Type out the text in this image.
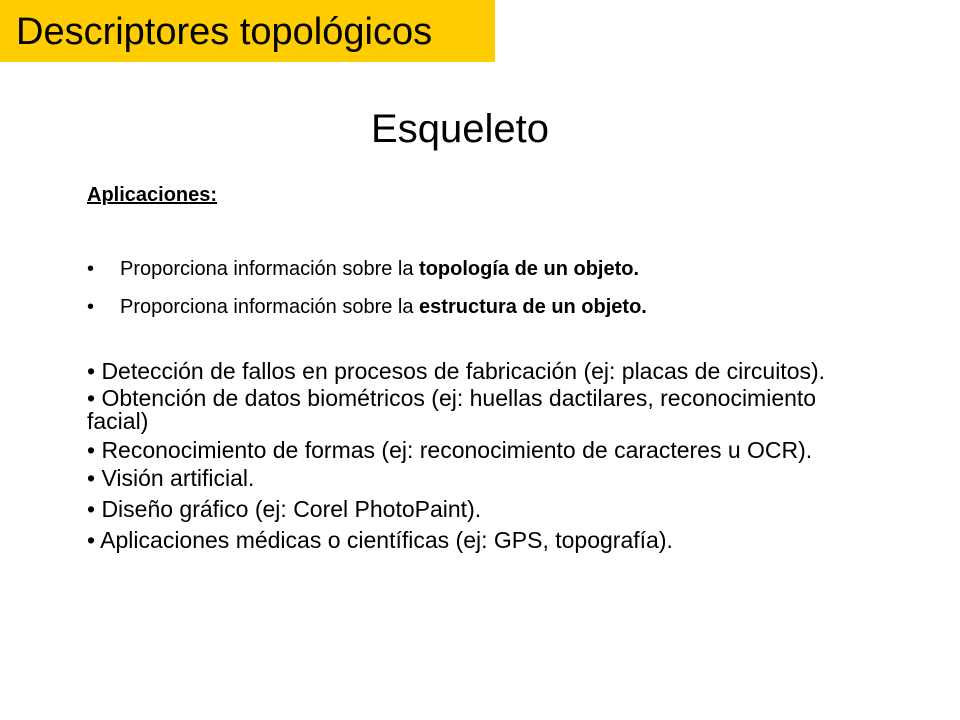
Descriptores topológicos
Esqueleto
Aplicaciones:
• Proporciona información sobre la topología de un objeto.
• Proporciona información sobre la estructura de un objeto.
• Detección de fallos en procesos de fabricación (ej: placas de circuitos).
• Obtención de datos biométricos (ej: huellas dactilares, reconocimiento facial)
• Reconocimiento de formas (ej: reconocimiento de caracteres u OCR).
• Visión artificial.
• Diseño gráfico (ej: Corel PhotoPaint).
• Aplicaciones médicas o científicas (ej: GPS, topografía).
